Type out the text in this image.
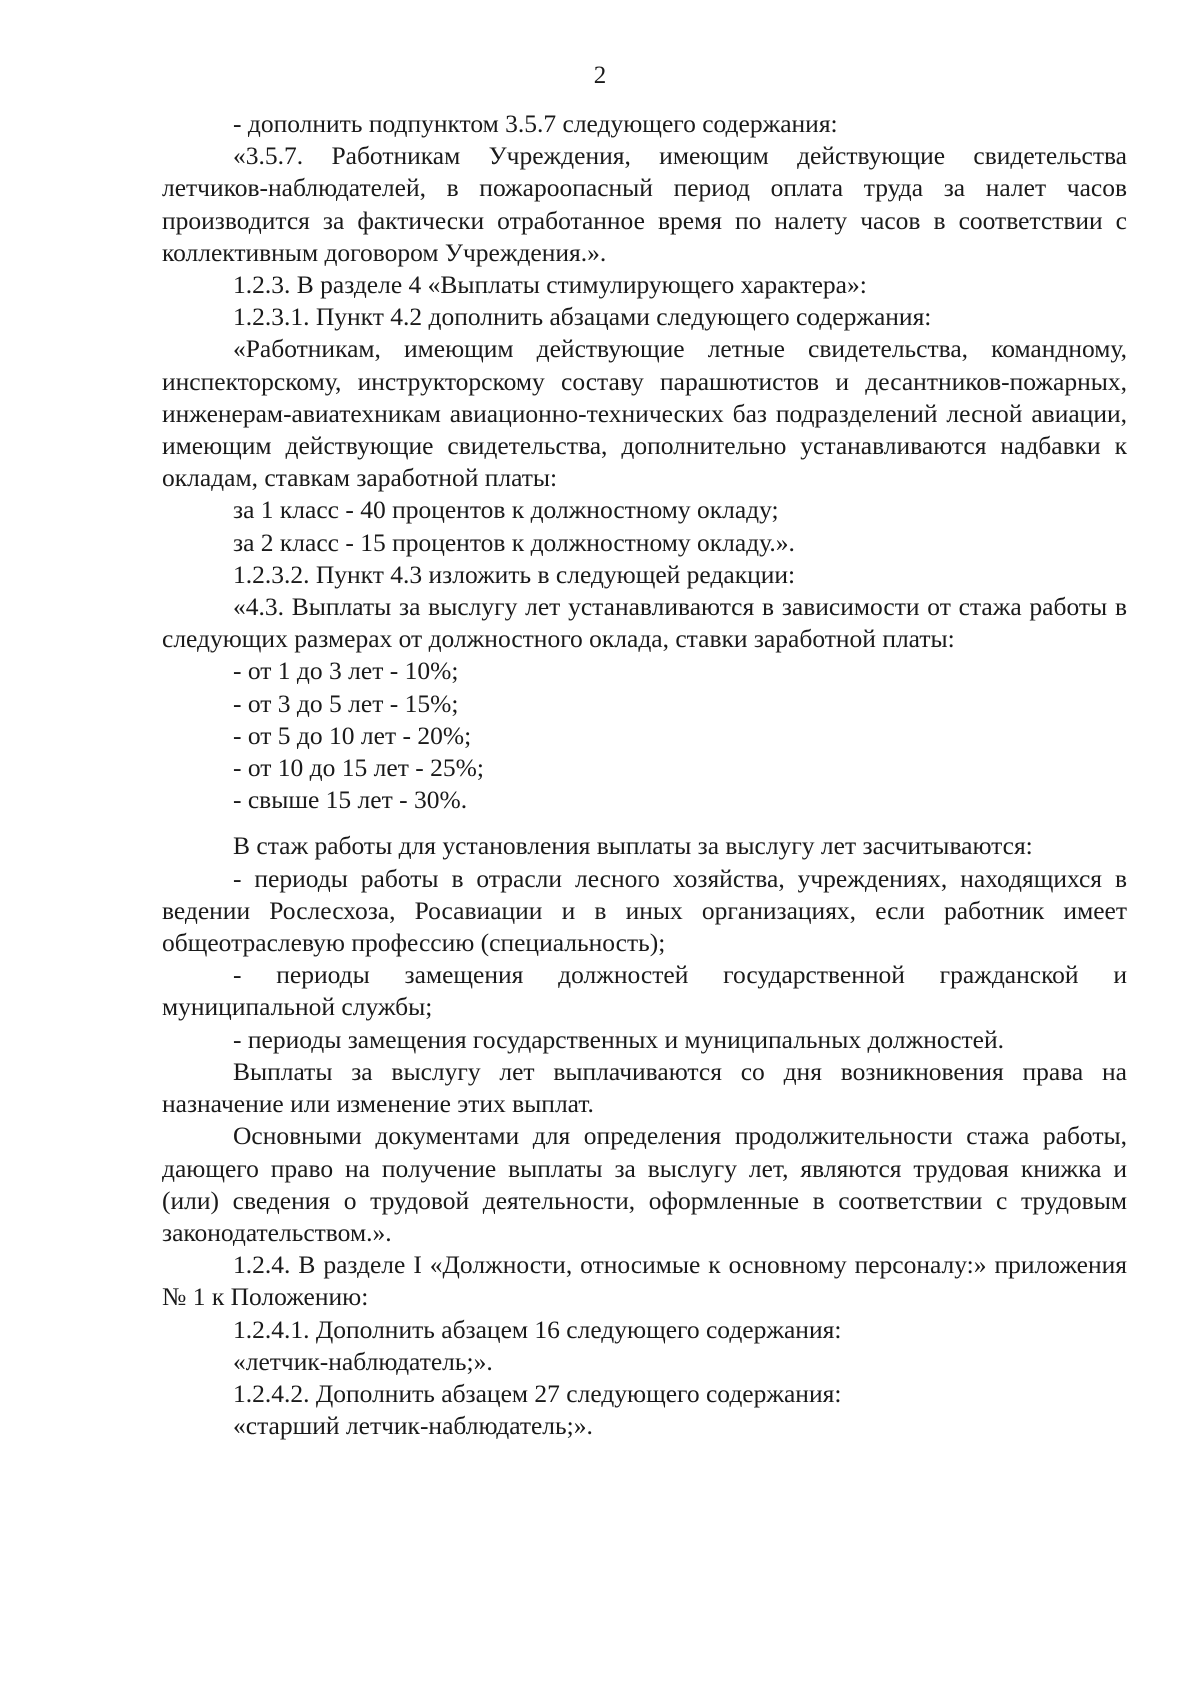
2

- дополнить подпунктом 3.5.7 следующего содержания:

«3.5.7. Работникам Учреждения, имеющим действующие свидетельства летчиков-наблюдателей, в пожароопасный период оплата труда за налет часов производится за фактически отработанное время по налету часов в соответствии с коллективным договором Учреждения.».

1.2.3. В разделе 4 «Выплаты стимулирующего характера»:

1.2.3.1. Пункт 4.2 дополнить абзацами следующего содержания:

«Работникам, имеющим действующие летные свидетельства, командному, инспекторскому, инструкторскому составу парашютистов и десантников-пожарных, инженерам-авиатехникам авиационно-технических баз подразделений лесной авиации, имеющим действующие свидетельства, дополнительно устанавливаются надбавки к окладам, ставкам заработной платы:

за 1 класс - 40 процентов к должностному окладу;

за 2 класс - 15 процентов к должностному окладу.».

1.2.3.2. Пункт 4.3 изложить в следующей редакции:

«4.3. Выплаты за выслугу лет устанавливаются в зависимости от стажа работы в следующих размерах от должностного оклада, ставки заработной платы:

- от 1 до 3 лет - 10%;

- от 3 до 5 лет - 15%;

- от 5 до 10 лет - 20%;

- от 10 до 15 лет - 25%;

- свыше 15 лет - 30%.

В стаж работы для установления выплаты за выслугу лет засчитываются:

- периоды работы в отрасли лесного хозяйства, учреждениях, находящихся в ведении Рослесхоза, Росавиации и в иных организациях, если работник имеет общеотраслевую профессию (специальность);

- периоды замещения должностей государственной гражданской и муниципальной службы;

- периоды замещения государственных и муниципальных должностей.

Выплаты за выслугу лет выплачиваются со дня возникновения права на назначение или изменение этих выплат.

Основными документами для определения продолжительности стажа работы, дающего право на получение выплаты за выслугу лет, являются трудовая книжка и (или) сведения о трудовой деятельности, оформленные в соответствии с трудовым законодательством.».

1.2.4. В разделе I «Должности, относимые к основному персоналу:» приложения № 1 к Положению:

1.2.4.1. Дополнить абзацем 16 следующего содержания:

«летчик-наблюдатель;».

1.2.4.2. Дополнить абзацем 27 следующего содержания:

«старший летчик-наблюдатель;».
